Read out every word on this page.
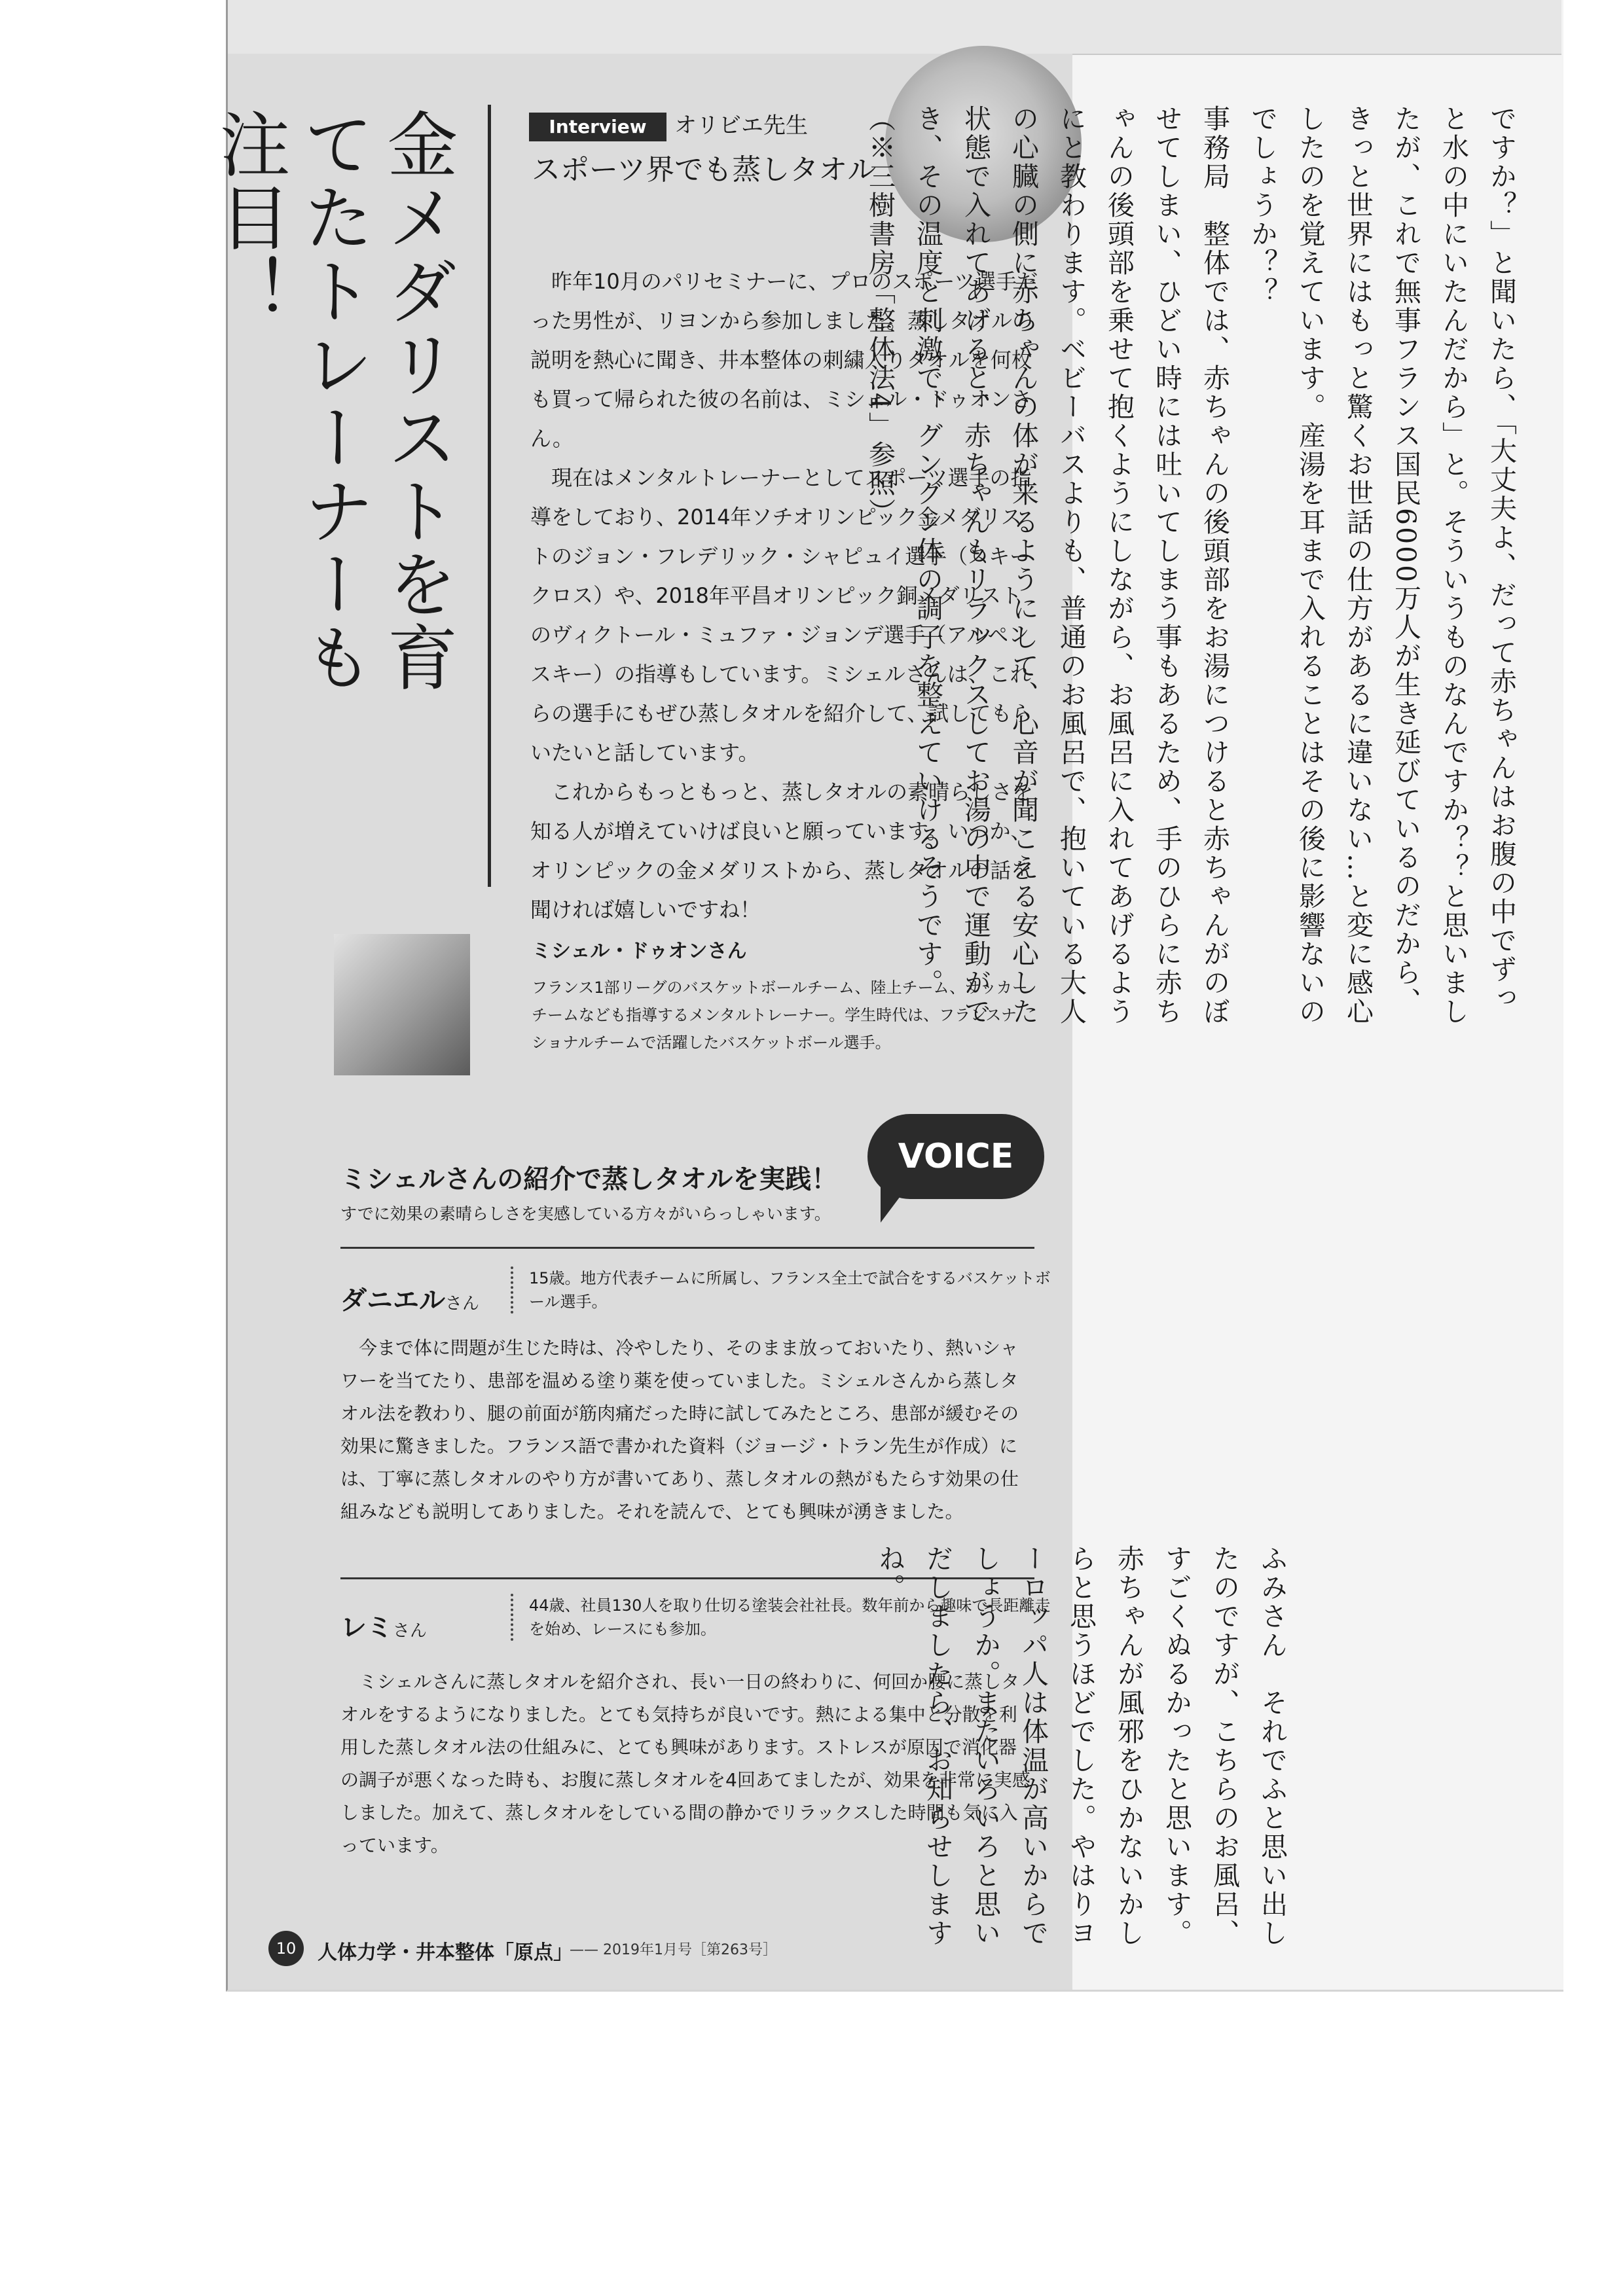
金メダリストを育てたトレーナーも注目！	Interview	オリビエ先生
スポーツ界でも蒸しタオル

昨年10月のパリセミナーに、プロのスポーツ選手だった男性が、リヨンから参加しました。蒸しタオルの説明を熱心に聞き、井本整体の刺繍入りタオルを何枚も買って帰られた彼の名前は、ミシェル・ドゥオンさん。

現在はメンタルトレーナーとしてスポーツ選手の指導をしており、2014年ソチオリンピック金メダリストのジョン・フレデリック・シャピュイ選手（スキークロス）や、2018年平昌オリンピック銅メダリストのヴィクトール・ミュファ・ジョンデ選手（アルペンスキー）の指導もしています。ミシェルさんは、これらの選手にもぜひ蒸しタオルを紹介して、試してもらいたいと話しています。

これからもっともっと、蒸しタオルの素晴らしさを知る人が増えていけば良いと願っています。いつか、オリンピックの金メダリストから、蒸しタオルの話を聞ければ嬉しいですね！

ミシェル・ドゥオンさん
フランス1部リーグのバスケットボールチーム、陸上チーム、サッカーチームなども指導するメンタルトレーナー。学生時代は、フランスナショナルチームで活躍したバスケットボール選手。
ミシェルさんの紹介で蒸しタオルを実践！
すでに効果の素晴らしさを実感している方々がいらっしゃいます。
VOICE
ダニエルさん
15歳。地方代表チームに所属し、フランス全土で試合をするバスケットボール選手。
今まで体に問題が生じた時は、冷やしたり、そのまま放っておいたり、熱いシャワーを当てたり、患部を温める塗り薬を使っていました。ミシェルさんから蒸しタオル法を教わり、腿の前面が筋肉痛だった時に試してみたところ、患部が緩むその効果に驚きました。フランス語で書かれた資料（ジョージ・トラン先生が作成）には、丁寧に蒸しタオルのやり方が書いてあり、蒸しタオルの熱がもたらす効果の仕組みなども説明してありました。それを読んで、とても興味が湧きました。
レミさん
44歳、社員130人を取り仕切る塗装会社社長。数年前から趣味で長距離走を始め、レースにも参加。
ミシェルさんに蒸しタオルを紹介され、長い一日の終わりに、何回か腰に蒸しタオルをするようになりました。とても気持ちが良いです。熱による集中と分散を利用した蒸しタオル法の仕組みに、とても興味があります。ストレスが原因で消化器の調子が悪くなった時も、お腹に蒸しタオルを4回あてましたが、効果を非常に実感しました。加えて、蒸しタオルをしている間の静かでリラックスした時間も気に入っています。
10	人体力学・井本整体「原点」
—— 2019年1月号［第263号］

ですか？」と聞いたら、「大丈夫よ、だって赤ちゃんはお腹の中でずっと水の中にいたんだから」と。そういうものなんですか？？と思いましたが、これで無事フランス国民6000万人が生き延びているのだから、きっと世界にはもっと驚くお世話の仕方があるに違いない…と変に感心したのを覚えています。産湯を耳まで入れることはその後に影響ないのでしょうか？？

事務局　整体では、赤ちゃんの後頭部をお湯につけると赤ちゃんがのぼせてしまい、ひどい時には吐いてしまう事もあるため、手のひらに赤ちゃんの後頭部を乗せて抱くようにしながら、お風呂に入れてあげるようにと教わります。ベビーバスよりも、普通のお風呂で、抱いている大人の心臓の側に赤ちゃんの体が来るようにして、心音が聞こえる安心した状態で入れてあげると、赤ちゃんもリラックスしてお湯の中で運動ができ、その温度と刺激で、グングン体の調子を整えていけるそうです。（※三樹書房「整体法4」参照）

ふみさん　それでふと思い出したのですが、こちらのお風呂、すごくぬるかったと思います。赤ちゃんが風邪をひかないかしらと思うほどでした。やはりヨーロッパ人は体温が高いからでしょうか。またいろいろと思いだしましたら、お知らせしますね。
